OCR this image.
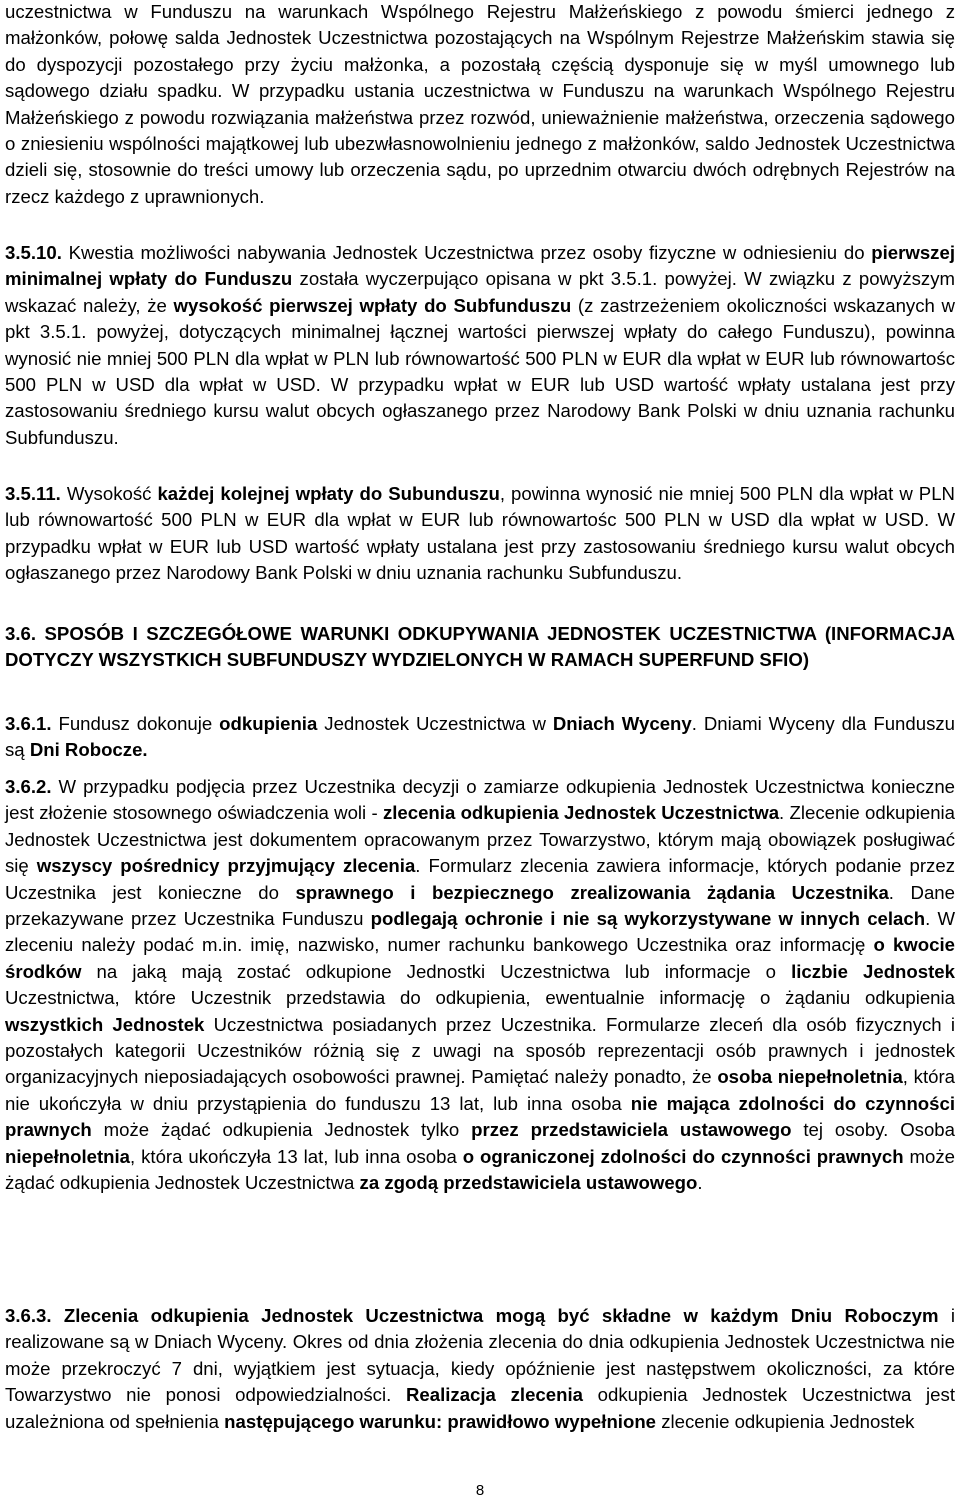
uczestnictwa w Funduszu na warunkach Wspólnego Rejestru Małżeńskiego z powodu śmierci jednego z małżonków, połowę salda Jednostek Uczestnictwa pozostających na Wspólnym Rejestrze Małżeńskim stawia się do dyspozycji pozostałego przy życiu małżonka, a pozostałą częścią dysponuje się w myśl umownego lub sądowego działu spadku. W przypadku ustania uczestnictwa w Funduszu na warunkach Wspólnego Rejestru Małżeńskiego z powodu rozwiązania małżeństwa przez rozwód, unieważnienie małżeństwa, orzeczenia sądowego o zniesieniu wspólności majątkowej lub ubezwłasnowolnieniu jednego z małżonków, saldo Jednostek Uczestnictwa dzieli się, stosownie do treści umowy lub orzeczenia sądu, po uprzednim otwarciu dwóch odrębnych Rejestrów na rzecz każdego z uprawnionych.

3.5.10. Kwestia możliwości nabywania Jednostek Uczestnictwa przez osoby fizyczne w odniesieniu do pierwszej minimalnej wpłaty do Funduszu została wyczerpująco opisana w pkt 3.5.1. powyżej. W związku z powyższym wskazać należy, że wysokość pierwszej wpłaty do Subfunduszu (z zastrzeżeniem okoliczności wskazanych w pkt 3.5.1. powyżej, dotyczących minimalnej łącznej wartości pierwszej wpłaty do całego Funduszu), powinna wynosić nie mniej 500 PLN dla wpłat w PLN lub równowartość 500 PLN w EUR dla wpłat w EUR lub równowartośc 500 PLN w USD dla wpłat w USD. W przypadku wpłat w EUR lub USD wartość wpłaty ustalana jest przy zastosowaniu średniego kursu walut obcych ogłaszanego przez Narodowy Bank Polski w dniu uznania rachunku Subfunduszu.

3.5.11. Wysokość każdej kolejnej wpłaty do Subunduszu, powinna wynosić nie mniej 500 PLN dla wpłat w PLN lub równowartość 500 PLN w EUR dla wpłat w EUR lub równowartośc 500 PLN w USD dla wpłat w USD. W przypadku wpłat w EUR lub USD wartość wpłaty ustalana jest przy zastosowaniu średniego kursu walut obcych ogłaszanego przez Narodowy Bank Polski w dniu uznania rachunku Subfunduszu.

3.6. SPOSÓB I SZCZEGÓŁOWE WARUNKI ODKUPYWANIA JEDNOSTEK UCZESTNICTWA (INFORMACJA DOTYCZY WSZYSTKICH SUBFUNDUSZY WYDZIELONYCH W RAMACH SUPERFUND SFIO)

3.6.1. Fundusz dokonuje odkupienia Jednostek Uczestnictwa w Dniach Wyceny. Dniami Wyceny dla Funduszu są Dni Robocze.

3.6.2. W przypadku podjęcia przez Uczestnika decyzji o zamiarze odkupienia Jednostek Uczestnictwa konieczne jest złożenie stosownego oświadczenia woli - zlecenia odkupienia Jednostek Uczestnictwa. Zlecenie odkupienia Jednostek Uczestnictwa jest dokumentem opracowanym przez Towarzystwo, którym mają obowiązek posługiwać się wszyscy pośrednicy przyjmujący zlecenia. Formularz zlecenia zawiera informacje, których podanie przez Uczestnika jest konieczne do sprawnego i bezpiecznego zrealizowania żądania Uczestnika. Dane przekazywane przez Uczestnika Funduszu podlegają ochronie i nie są wykorzystywane w innych celach. W zleceniu należy podać m.in. imię, nazwisko, numer rachunku bankowego Uczestnika oraz informację o kwocie środków na jaką mają zostać odkupione Jednostki Uczestnictwa lub informacje o liczbie Jednostek Uczestnictwa, które Uczestnik przedstawia do odkupienia, ewentualnie informację o żądaniu odkupienia wszystkich Jednostek Uczestnictwa posiadanych przez Uczestnika. Formularze zleceń dla osób fizycznych i pozostałych kategorii Uczestników różnią się z uwagi na sposób reprezentacji osób prawnych i jednostek organizacyjnych nieposiadających osobowości prawnej. Pamiętać należy ponadto, że osoba niepełnoletnia, która nie ukończyła w dniu przystąpienia do funduszu 13 lat, lub inna osoba nie mająca zdolności do czynności prawnych może żądać odkupienia Jednostek tylko przez przedstawiciela ustawowego tej osoby. Osoba niepełnoletnia, która ukończyła 13 lat, lub inna osoba o ograniczonej zdolności do czynności prawnych może żądać odkupienia Jednostek Uczestnictwa za zgodą przedstawiciela ustawowego.

3.6.3. Zlecenia odkupienia Jednostek Uczestnictwa mogą być składne w każdym Dniu Roboczym i realizowane są w Dniach Wyceny. Okres od dnia złożenia zlecenia do dnia odkupienia Jednostek Uczestnictwa nie może przekroczyć 7 dni, wyjątkiem jest sytuacja, kiedy opóźnienie jest następstwem okoliczności, za które Towarzystwo nie ponosi odpowiedzialności. Realizacja zlecenia odkupienia Jednostek Uczestnictwa jest uzależniona od spełnienia następującego warunku: prawidłowo wypełnione zlecenie odkupienia Jednostek

8
